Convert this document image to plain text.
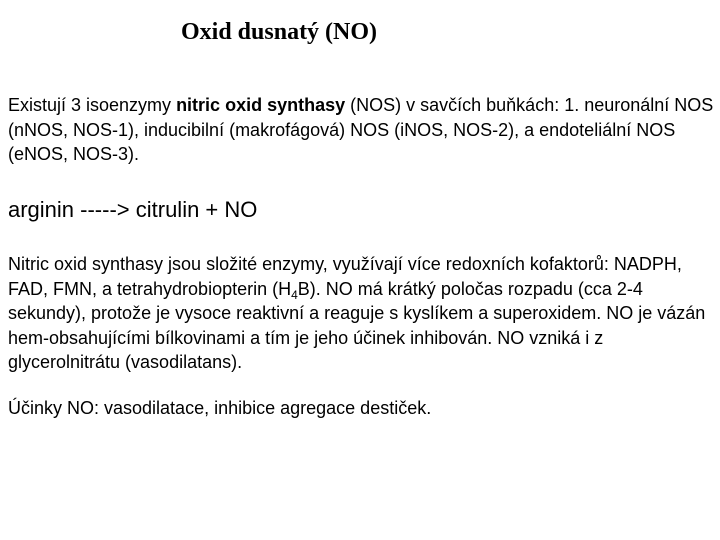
Oxid dusnatý (NO)

Existují 3 isoenzymy nitric oxid synthasy (NOS) v savčích buňkách: 1. neuronální NOS (nNOS, NOS-1), inducibilní (makrofágová) NOS (iNOS, NOS-2), a endoteliální NOS (eNOS, NOS-3).

arginin -----> citrulin + NO

Nitric oxid synthasy jsou složité enzymy, využívají více redoxních kofaktorů: NADPH, FAD, FMN, a tetrahydrobiopterin $(H_4B)$. NO má krátký poločas rozpadu (cca 2-4 sekundy), protože je vysoce reaktivní a reaguje s kyslíkem a superoxidem. NO je vázán hem-obsahujícími bílkovinami a tím je jeho účinek inhibován. NO vzniká i z glycerolnitrátu (vasodilatans).

Účinky NO: vasodilatace, inhibice agregace destiček.
